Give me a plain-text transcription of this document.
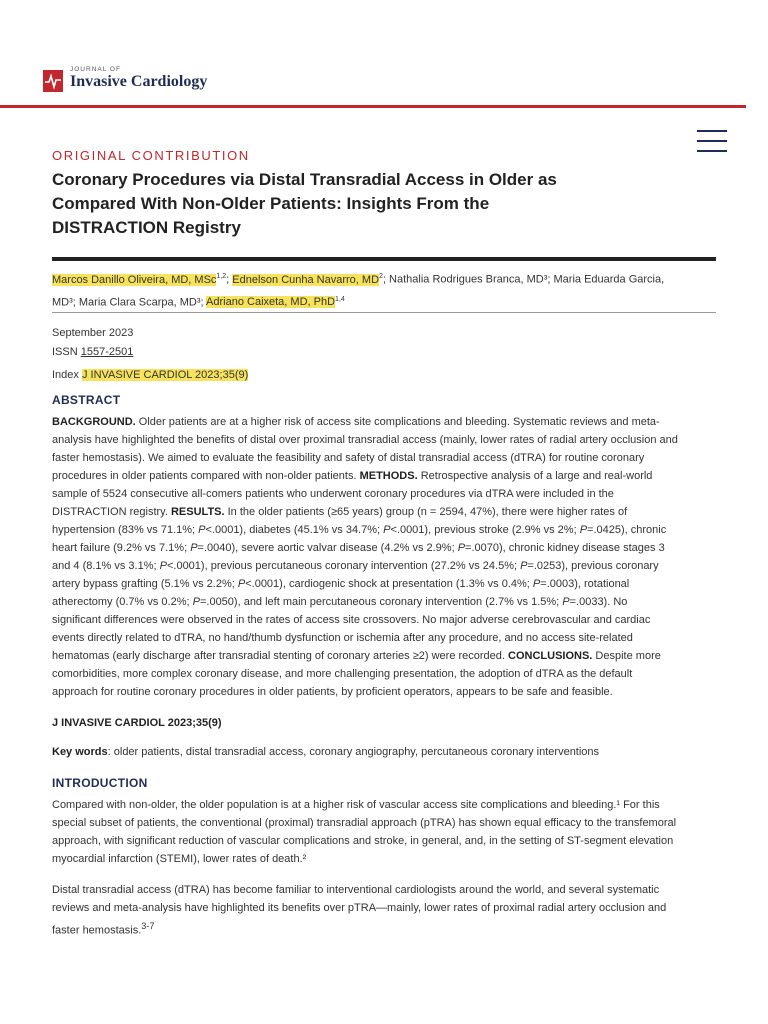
JOURNAL OF
Invasive Cardiology
ORIGINAL CONTRIBUTION
Coronary Procedures via Distal Transradial Access in Older as
Compared With Non-Older Patients: Insights From the
DISTRACTION Registry
Marcos Danillo Oliveira, MD, MSc$^{1,2}$; Ednelson Cunha Navarro, $MD^2$; Nathalia Rodrigues Branca, MD³; Maria Eduarda Garcia,
MD³; Maria Clara Scarpa, MD³; Adriano Caixeta, MD, PhD$^{1,4}$
September 2023
ISSN 1557-2501
Index J INVASIVE CARDIOL 2023;35(9)
ABSTRACT
BACKGROUND. Older patients are at a higher risk of access site complications and bleeding. Systematic reviews and meta-
analysis have highlighted the benefits of distal over proximal transradial access (mainly, lower rates of radial artery occlusion and
faster hemostasis). We aimed to evaluate the feasibility and safety of distal transradial access (dTRA) for routine coronary
procedures in older patients compared with non-older patients. METHODS. Retrospective analysis of a large and real-world
sample of 5524 consecutive all-comers patients who underwent coronary procedures via dTRA were included in the
DISTRACTION registry. RESULTS. In the older patients (≥65 years) group (n = 2594, 47%), there were higher rates of
hypertension (83% vs 71.1%; P<.0001), diabetes (45.1% vs 34.7%; P<.0001), previous stroke (2.9% vs 2%; P=.0425), chronic
heart failure (9.2% vs 7.1%; P=.0040), severe aortic valvar disease (4.2% vs 2.9%; P=.0070), chronic kidney disease stages 3
and 4 (8.1% vs 3.1%; P<.0001), previous percutaneous coronary intervention (27.2% vs 24.5%; P=.0253), previous coronary
artery bypass grafting (5.1% vs 2.2%; P<.0001), cardiogenic shock at presentation (1.3% vs 0.4%; P=.0003), rotational
atherectomy (0.7% vs 0.2%; P=.0050), and left main percutaneous coronary intervention (2.7% vs 1.5%; P=.0033). No
significant differences were observed in the rates of access site crossovers. No major adverse cerebrovascular and cardiac
events directly related to dTRA, no hand/thumb dysfunction or ischemia after any procedure, and no access site-related
hematomas (early discharge after transradial stenting of coronary arteries ≥2) were recorded. CONCLUSIONS. Despite more
comorbidities, more complex coronary disease, and more challenging presentation, the adoption of dTRA as the default
approach for routine coronary procedures in older patients, by proficient operators, appears to be safe and feasible.
J INVASIVE CARDIOL 2023;35(9)
Key words: older patients, distal transradial access, coronary angiography, percutaneous coronary interventions
INTRODUCTION
Compared with non-older, the older population is at a higher risk of vascular access site complications and bleeding.¹ For this
special subset of patients, the conventional (proximal) transradial approach (pTRA) has shown equal efficacy to the transfemoral
approach, with significant reduction of vascular complications and stroke, in general, and, in the setting of ST-segment elevation
myocardial infarction (STEMI), lower rates of death.²
Distal transradial access (dTRA) has become familiar to interventional cardiologists around the world, and several systematic
reviews and meta-analysis have highlighted its benefits over pTRA—mainly, lower rates of proximal radial artery occlusion and
faster hemostasis.$^{3-7}$
